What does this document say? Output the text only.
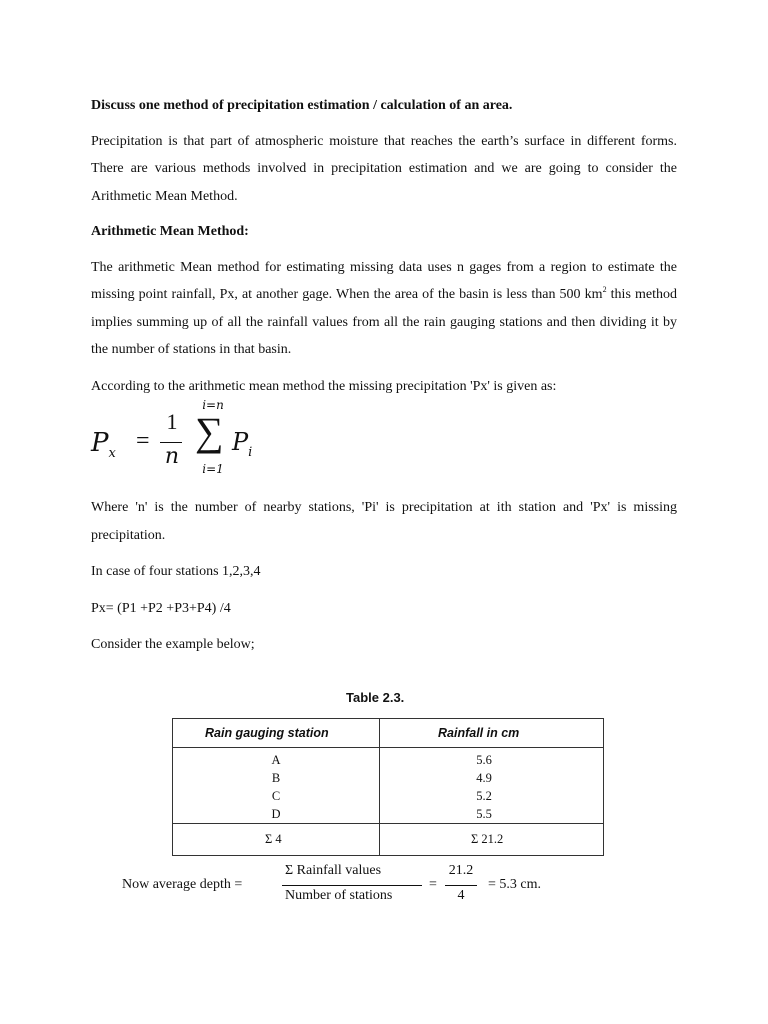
Discuss one method of precipitation estimation / calculation of an area.

Precipitation is that part of atmospheric moisture that reaches the earth’s surface in different forms. There are various methods involved in precipitation estimation and we are going to consider the Arithmetic Mean Method.

Arithmetic Mean Method:

The arithmetic Mean method for estimating missing data uses n gages from a region to estimate the missing point rainfall, Px, at another gage. When the area of the basin is less than 500 $km^2$ this method implies summing up of all the rainfall values from all the rain gauging stations and then dividing it by the number of stations in that basin.

According to the arithmetic mean method the missing precipitation 'Px' is given as:

$P_x$ =
1
n
i=n
∑
i=1
$P_i$

Where 'n' is the number of nearby stations, 'Pi' is precipitation at ith station and 'Px' is missing precipitation.

In case of four stations 1,2,3,4

Px= (P1 +P2 +P3+P4) /4

Consider the example below;

Table 2.3.
Rain gauging station	Rainfall in cm
A
B
C
D
5.6
4.9
5.2
5.5
Σ 4	Σ 21.2
Now average depth =
Σ Rainfall values
Number of stations
=
21.2
4
= 5.3 cm.
